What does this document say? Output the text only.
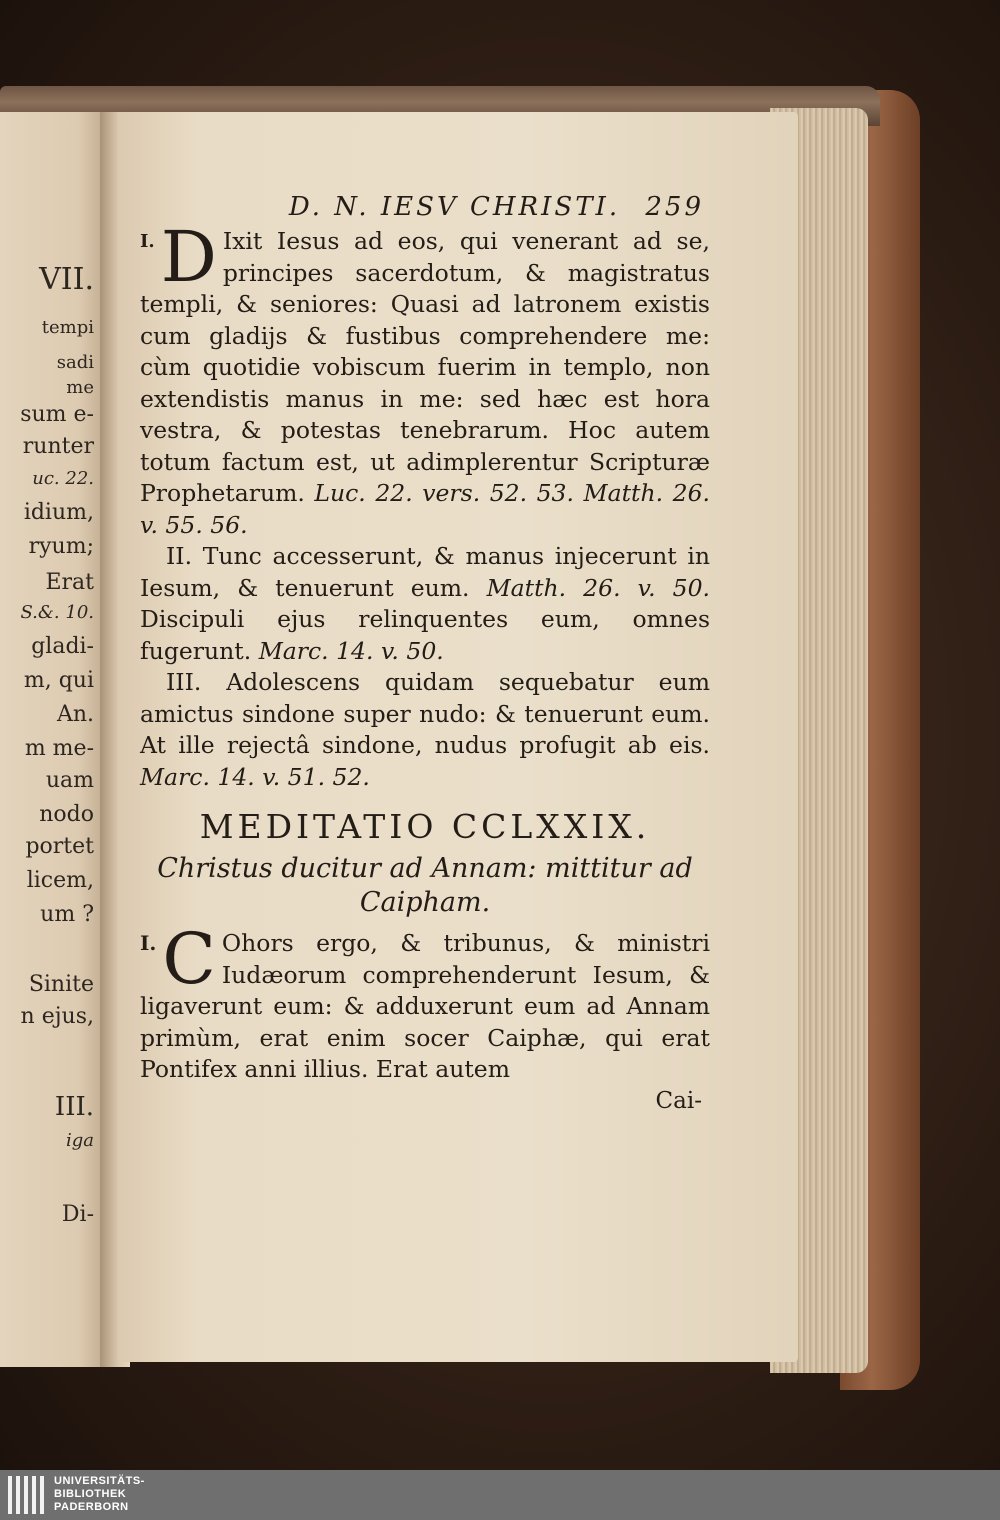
VII.
tempi
sadi
me
sum e-
runter
uc. 22.
idium,
ryum;
Erat
S.&. 10.
gladi-
m, qui
An.
m me-
uam
nodo
portet
licem,
um ?
Sinite
n ejus,
III.
iga
Di-
D. N. IESV CHRISTI. 259

I. D Ixit Iesus ad eos, qui venerant ad se, principes sacerdotum, & magistratus templi, & seniores: Quasi ad latronem existis cum gladijs & fustibus comprehendere me: cùm quotidie vobiscum fuerim in templo, non extendistis manus in me: sed hæc est hora vestra, & potestas tenebrarum. Hoc autem totum factum est, ut adimplerentur Scripturæ Prophetarum. Luc. 22. vers. 52. 53. Matth. 26. v. 55. 56.

II. Tunc accesserunt, & manus injecerunt in Iesum, & tenuerunt eum. Matth. 26. v. 50. Discipuli ejus relinquentes eum, omnes fugerunt. Marc. 14. v. 50.

III. Adolescens quidam sequebatur eum amictus sindone super nudo: & tenuerunt eum. At ille rejectâ sindone, nudus profugit ab eis. Marc. 14. v. 51. 52.

MEDITATIO CCLXXIX.
Christus ducitur ad Annam: mittitur ad Caipham.

I. C Ohors ergo, & tribunus, & ministri Iudæorum comprehenderunt Iesum, & ligaverunt eum: & adduxerunt eum ad Annam primùm, erat enim socer Caiphæ, qui erat Pontifex anni illius. Erat autem

Cai-
UNIVERSITÄTS-
BIBLIOTHEK
PADERBORN
